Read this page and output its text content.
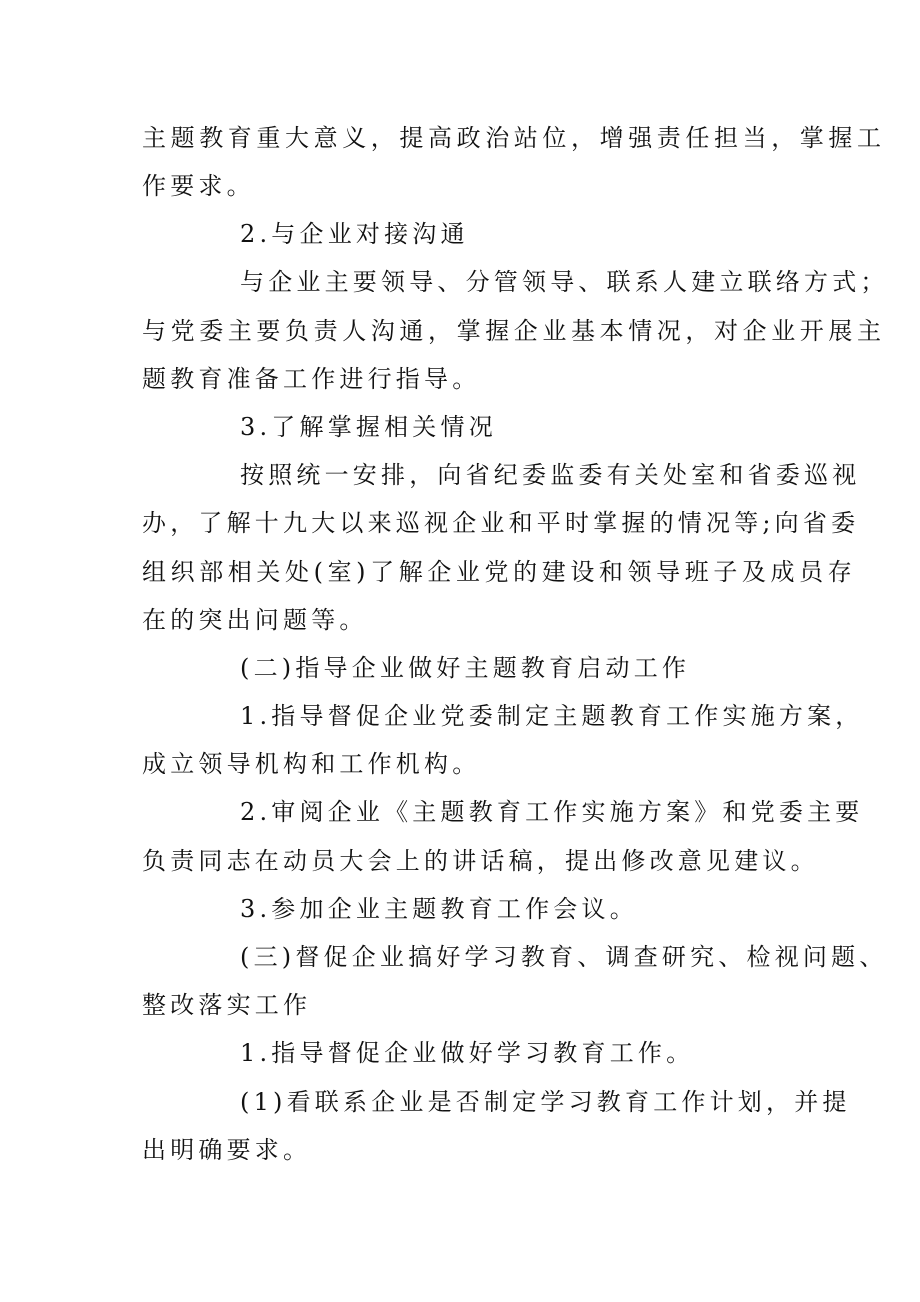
主题教育重大意义，提高政治站位，增强责任担当，掌握工
作要求。
2.与企业对接沟通
与企业主要领导、分管领导、联系人建立联络方式；
与党委主要负责人沟通，掌握企业基本情况，对企业开展主
题教育准备工作进行指导。
3.了解掌握相关情况
按照统一安排，向省纪委监委有关处室和省委巡视
办，了解十九大以来巡视企业和平时掌握的情况等;向省委
组织部相关处(室)了解企业党的建设和领导班子及成员存
在的突出问题等。
(二)指导企业做好主题教育启动工作
1.指导督促企业党委制定主题教育工作实施方案，
成立领导机构和工作机构。
2.审阅企业《主题教育工作实施方案》和党委主要
负责同志在动员大会上的讲话稿，提出修改意见建议。
3.参加企业主题教育工作会议。
(三)督促企业搞好学习教育、调查研究、检视问题、
整改落实工作
1.指导督促企业做好学习教育工作。
(1)看联系企业是否制定学习教育工作计划，并提
出明确要求。
